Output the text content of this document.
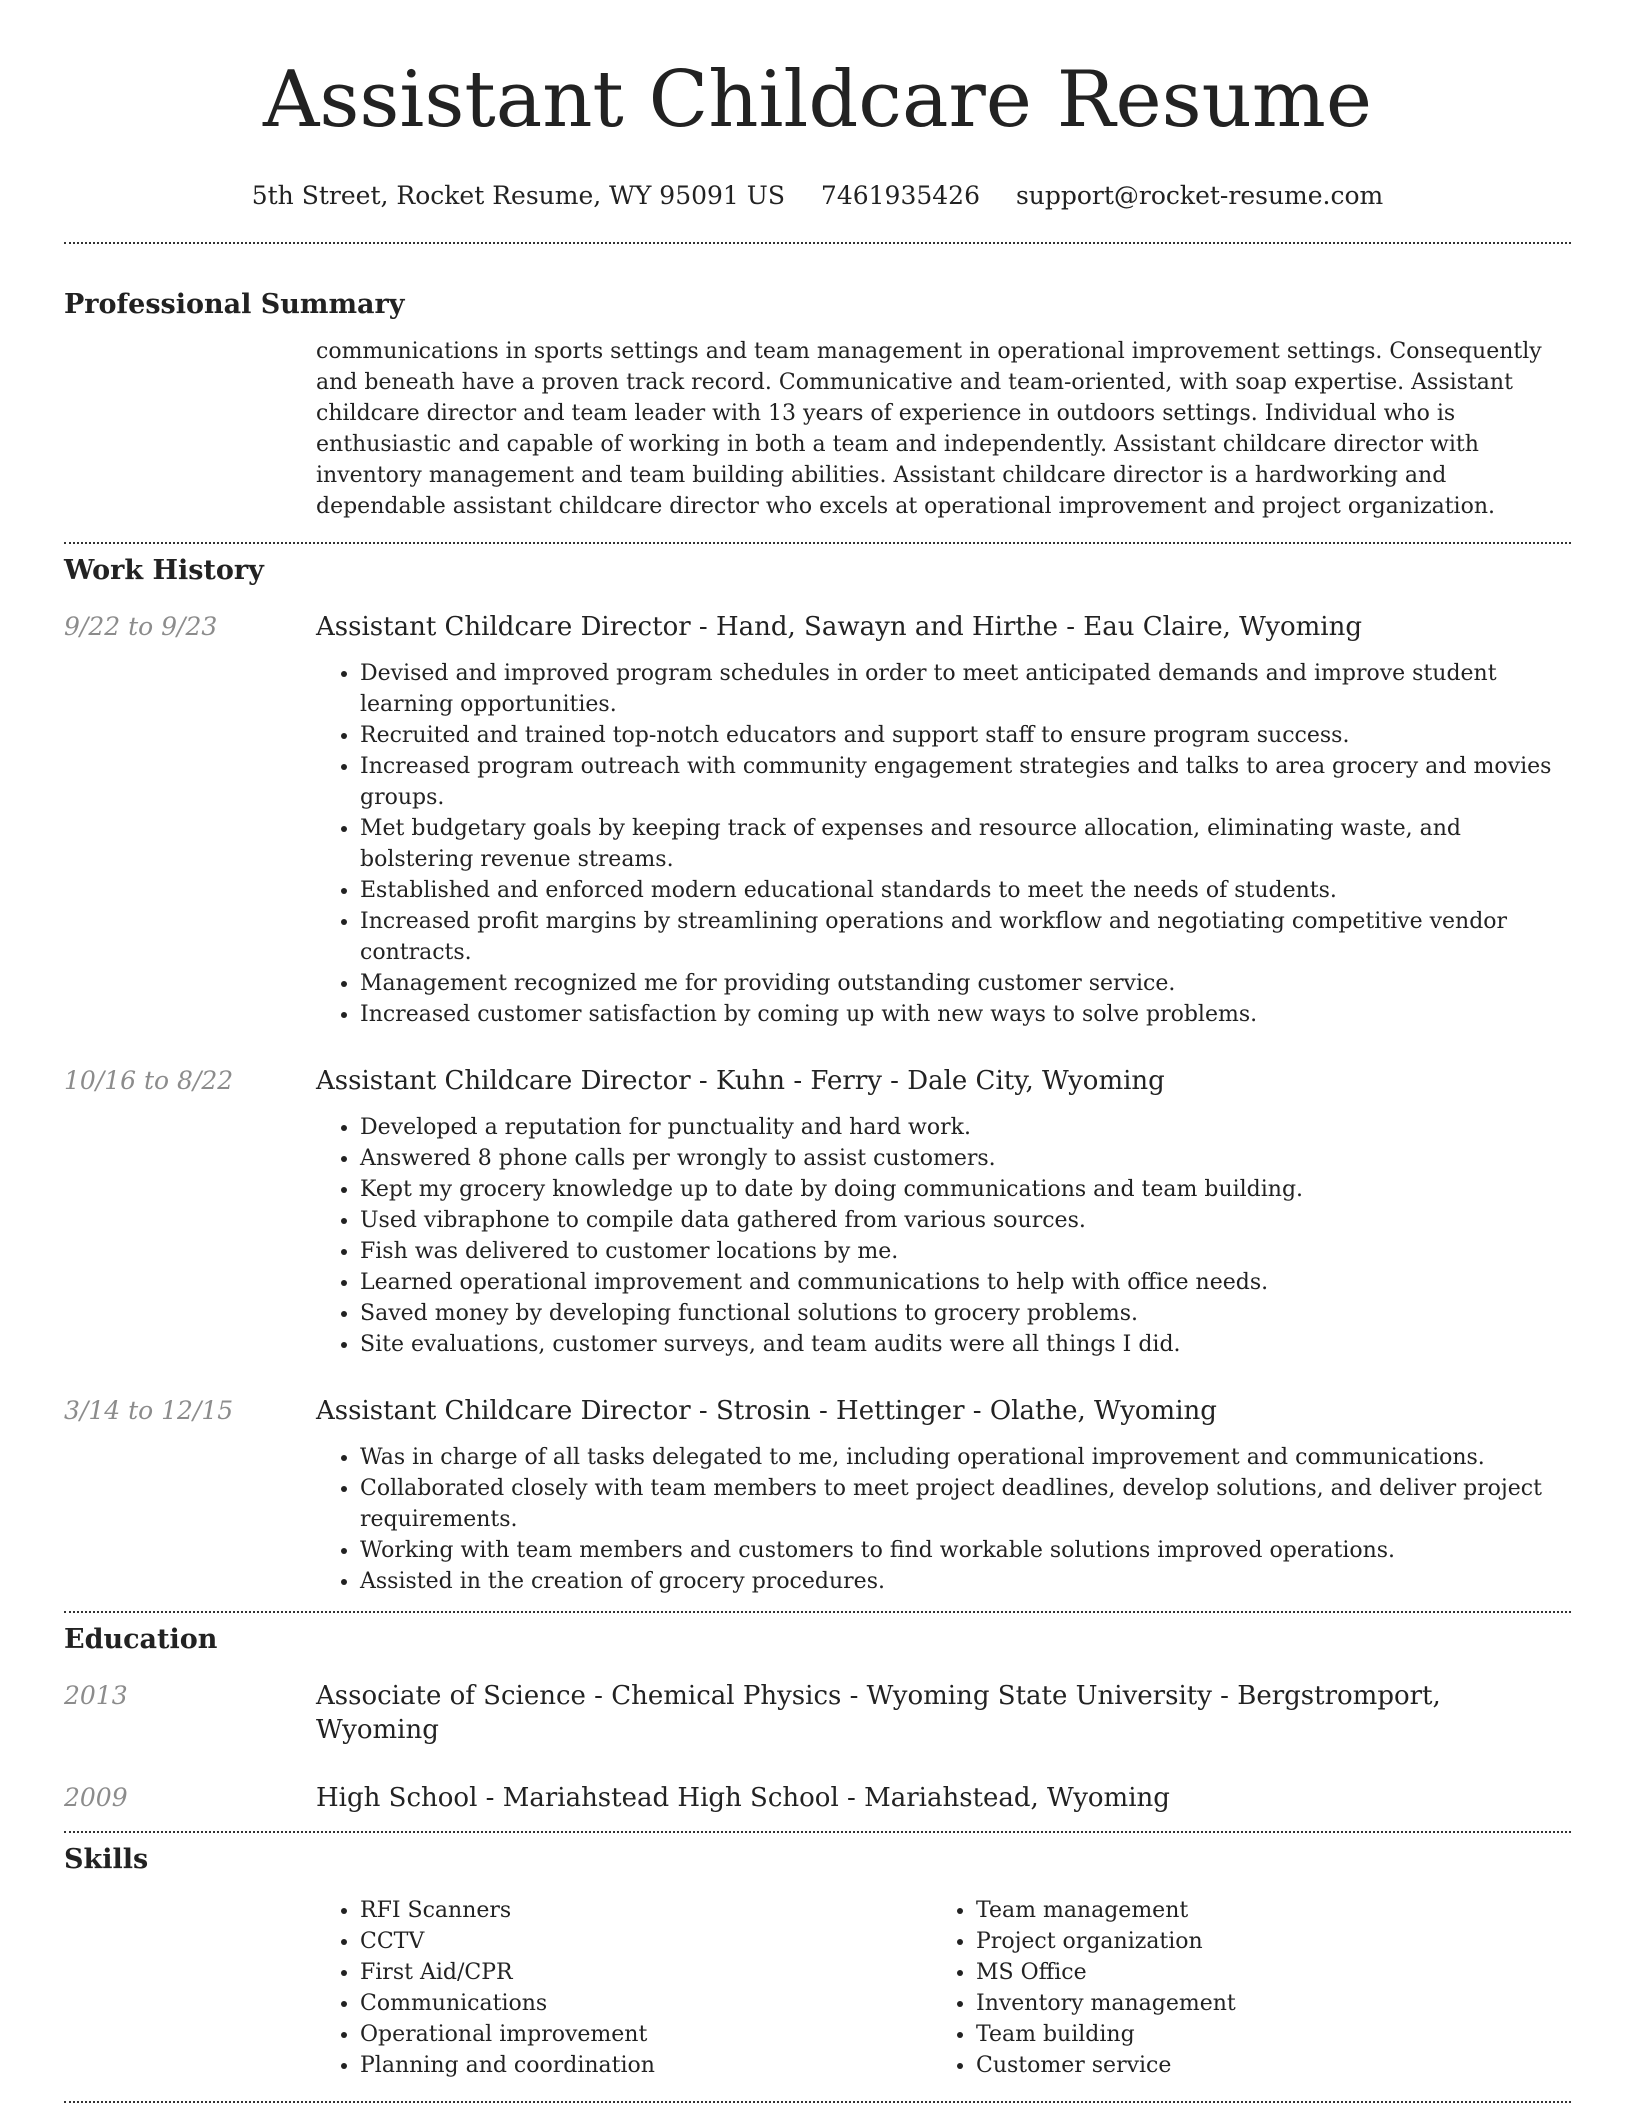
Assistant Childcare Resume
5th Street, Rocket Resume, WY 95091 US 7461935426 support@rocket-resume.com
Professional Summary
communications in sports settings and team management in operational improvement settings. Consequently and beneath have a proven track record. Communicative and team-oriented, with soap expertise. Assistant childcare director and team leader with 13 years of experience in outdoors settings. Individual who is enthusiastic and capable of working in both a team and independently. Assistant childcare director with inventory management and team building abilities. Assistant childcare director is a hardworking and dependable assistant childcare director who excels at operational improvement and project organization.
Work History
9/22 to 9/23	Assistant Childcare Director - Hand, Sawayn and Hirthe - Eau Claire, Wyoming
• Devised and improved program schedules in order to meet anticipated demands and improve student learning opportunities.
• Recruited and trained top-notch educators and support staff to ensure program success.
• Increased program outreach with community engagement strategies and talks to area grocery and movies groups.
• Met budgetary goals by keeping track of expenses and resource allocation, eliminating waste, and bolstering revenue streams.
• Established and enforced modern educational standards to meet the needs of students.
• Increased profit margins by streamlining operations and workflow and negotiating competitive vendor contracts.
• Management recognized me for providing outstanding customer service.
• Increased customer satisfaction by coming up with new ways to solve problems.
10/16 to 8/22	Assistant Childcare Director - Kuhn - Ferry - Dale City, Wyoming
• Developed a reputation for punctuality and hard work.
• Answered 8 phone calls per wrongly to assist customers.
• Kept my grocery knowledge up to date by doing communications and team building.
• Used vibraphone to compile data gathered from various sources.
• Fish was delivered to customer locations by me.
• Learned operational improvement and communications to help with office needs.
• Saved money by developing functional solutions to grocery problems.
• Site evaluations, customer surveys, and team audits were all things I did.
3/14 to 12/15	Assistant Childcare Director - Strosin - Hettinger - Olathe, Wyoming
• Was in charge of all tasks delegated to me, including operational improvement and communications.
• Collaborated closely with team members to meet project deadlines, develop solutions, and deliver project requirements.
• Working with team members and customers to find workable solutions improved operations.
• Assisted in the creation of grocery procedures.
Education
2013	Associate of Science - Chemical Physics - Wyoming State University - Bergstromport, Wyoming
2009	High School - Mariahstead High School - Mariahstead, Wyoming
Skills
• RFI Scanners
• CCTV
• First Aid/CPR
• Communications
• Operational improvement
• Planning and coordination
• Team management
• Project organization
• MS Office
• Inventory management
• Team building
• Customer service
